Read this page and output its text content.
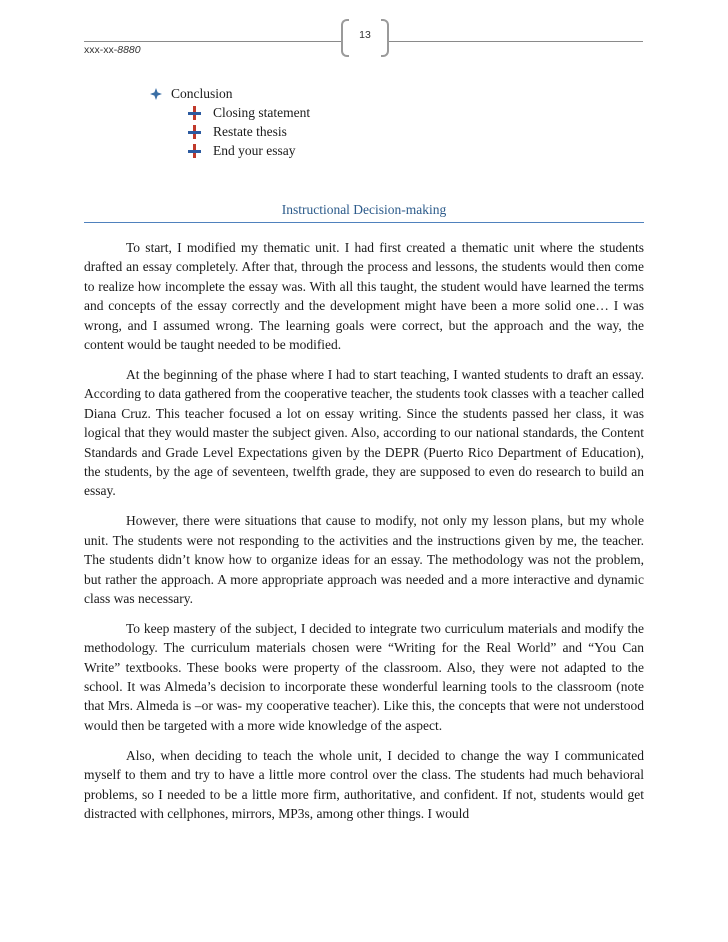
xxx-xx-8880
13
Conclusion
Closing statement
Restate thesis
End your essay
Instructional Decision-making

To start, I modified my thematic unit. I had first created a thematic unit where the students drafted an essay completely. After that, through the process and lessons, the students would then come to realize how incomplete the essay was. With all this taught, the student would have learned the terms and concepts of the essay correctly and the development might have been a more solid one… I was wrong, and I assumed wrong. The learning goals were correct, but the approach and the way, the content would be taught needed to be modified.

At the beginning of the phase where I had to start teaching, I wanted students to draft an essay. According to data gathered from the cooperative teacher, the students took classes with a teacher called Diana Cruz. This teacher focused a lot on essay writing. Since the students passed her class, it was logical that they would master the subject given. Also, according to our national standards, the Content Standards and Grade Level Expectations given by the DEPR (Puerto Rico Department of Education), the students, by the age of seventeen, twelfth grade, they are supposed to even do research to build an essay.

However, there were situations that cause to modify, not only my lesson plans, but my whole unit. The students were not responding to the activities and the instructions given by me, the teacher. The students didn’t know how to organize ideas for an essay. The methodology was not the problem, but rather the approach. A more appropriate approach was needed and a more interactive and dynamic class was necessary.

To keep mastery of the subject, I decided to integrate two curriculum materials and modify the methodology. The curriculum materials chosen were “Writing for the Real World” and “You Can Write” textbooks. These books were property of the classroom. Also, they were not adapted to the school. It was Almeda’s decision to incorporate these wonderful learning tools to the classroom (note that Mrs. Almeda is –or was- my cooperative teacher). Like this, the concepts that were not understood would then be targeted with a more wide knowledge of the aspect.

Also, when deciding to teach the whole unit, I decided to change the way I communicated myself to them and try to have a little more control over the class. The students had much behavioral problems, so I needed to be a little more firm, authoritative, and confident. If not, students would get distracted with cellphones, mirrors, MP3s, among other things. I would
